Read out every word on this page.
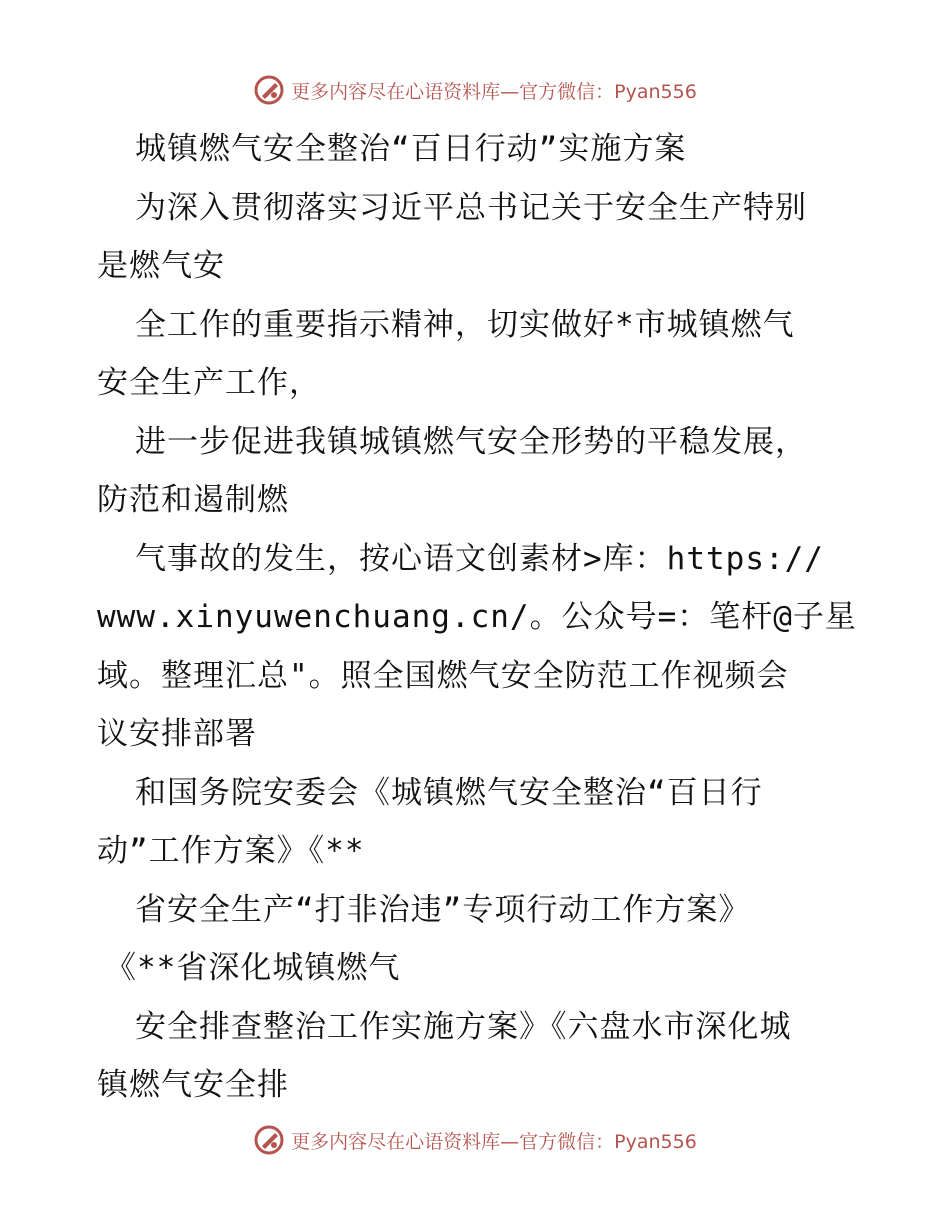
更多内容尽在心语资料库—官方微信：Pyan556
城镇燃气安全整治“百日行动”实施方案
为深入贯彻落实习近平总书记关于安全生产特别
是燃气安
全工作的重要指示精神，切实做好*市城镇燃气
安全生产工作，
进一步促进我镇城镇燃气安全形势的平稳发展，
防范和遏制燃
气事故的发生，按心语文创素材>库：https://
www.xinyuwenchuang.cn/。公众号=：笔杆@子星
域。整理汇总"。照全国燃气安全防范工作视频会
议安排部署
和国务院安委会《城镇燃气安全整治“百日行
动”工作方案》《**
省安全生产“打非治违”专项行动工作方案》
《**省深化城镇燃气
安全排查整治工作实施方案》《六盘水市深化城
镇燃气安全排
更多内容尽在心语资料库—官方微信：Pyan556
